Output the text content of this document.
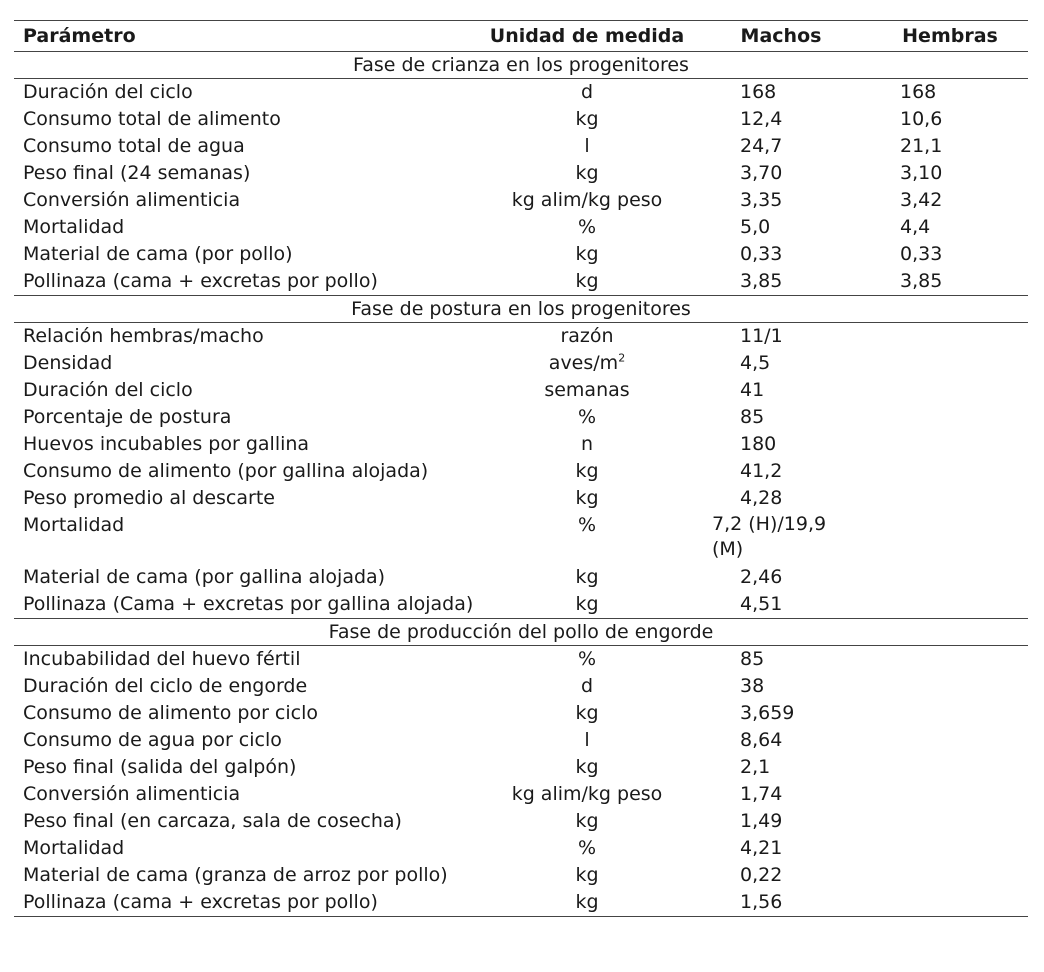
Parámetro	Unidad de medida	Machos	Hembras
Fase de crianza en los progenitores			
Duración del ciclo	d	168	168
Consumo total de alimento	kg	12,4	10,6
Consumo total de agua	l	24,7	21,1
Peso final (24 semanas)	kg	3,70	3,10
Conversión alimenticia	kg alim/kg peso	3,35	3,42
Mortalidad	%	5,0	4,4
Material de cama (por pollo)	kg	0,33	0,33
Pollinaza (cama + excretas por pollo)	kg	3,85	3,85
Fase de postura en los progenitores			
Relación hembras/macho	razón	11/1	
Densidad	aves/$m^2$	4,5	
Duración del ciclo	semanas	41	
Porcentaje de postura	%	85	
Huevos incubables por gallina	n	180	
Consumo de alimento (por gallina alojada)	kg	41,2	
Peso promedio al descarte	kg	4,28	
Mortalidad	%	7,2 (H)/19,9 (M)	
Material de cama (por gallina alojada)	kg	2,46	
Pollinaza (Cama + excretas por gallina alojada)	kg	4,51	
Fase de producción del pollo de engorde			
Incubabilidad del huevo fértil	%	85	
Duración del ciclo de engorde	d	38	
Consumo de alimento por ciclo	kg	3,659	
Consumo de agua por ciclo	l	8,64	
Peso final (salida del galpón)	kg	2,1	
Conversión alimenticia	kg alim/kg peso	1,74	
Peso final (en carcaza, sala de cosecha)	kg	1,49	
Mortalidad	%	4,21	
Material de cama (granza de arroz por pollo)	kg	0,22	
Pollinaza (cama + excretas por pollo)	kg	1,56	
